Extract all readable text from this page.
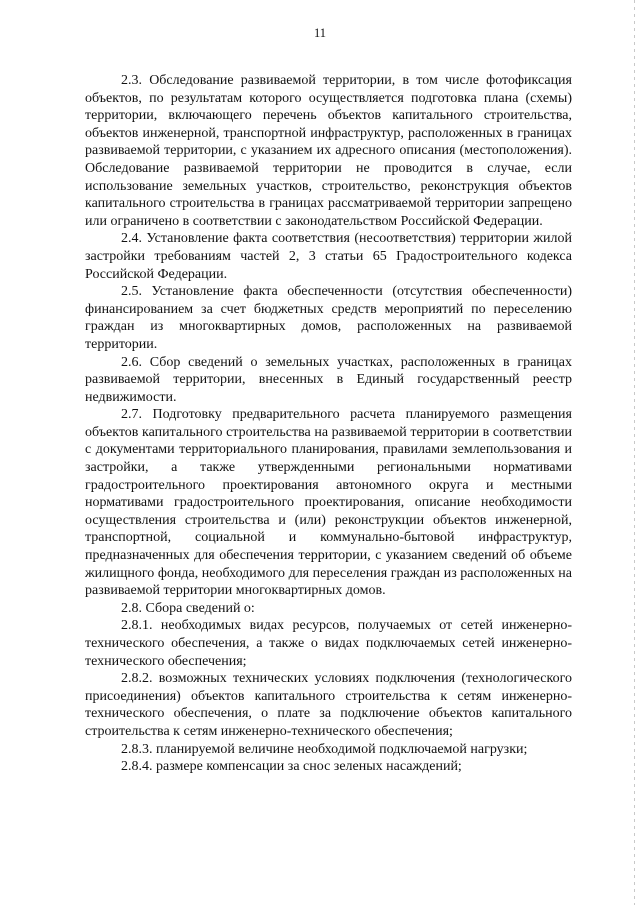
11

2.3. Обследование развиваемой территории, в том числе фотофиксация объектов, по результатам которого осуществляется подготовка плана (схемы) территории, включающего перечень объектов капитального строительства, объектов инженерной, транспортной инфраструктур, расположенных в границах развиваемой территории, с указанием их адресного описания (местоположения). Обследование развиваемой территории не проводится в случае, если использование земельных участков, строительство, реконструкция объектов капитального строительства в границах рассматриваемой территории запрещено или ограничено в соответствии с законодательством Российской Федерации.

2.4. Установление факта соответствия (несоответствия) территории жилой застройки требованиям частей 2, 3 статьи 65 Градостроительного кодекса Российской Федерации.

2.5. Установление факта обеспеченности (отсутствия обеспеченности) финансированием за счет бюджетных средств мероприятий по переселению граждан из многоквартирных домов, расположенных на развиваемой территории.

2.6. Сбор сведений о земельных участках, расположенных в границах развиваемой территории, внесенных в Единый государственный реестр недвижимости.

2.7. Подготовку предварительного расчета планируемого размещения объектов капитального строительства на развиваемой территории в соответствии с документами территориального планирования, правилами землепользования и застройки, а также утвержденными региональными нормативами градостроительного проектирования автономного округа и местными нормативами градостроительного проектирования, описание необходимости осуществления строительства и (или) реконструкции объектов инженерной, транспортной, социальной и коммунально-бытовой инфраструктур, предназначенных для обеспечения территории, с указанием сведений об объеме жилищного фонда, необходимого для переселения граждан из расположенных на развиваемой территории многоквартирных домов.

2.8. Сбора сведений о:

2.8.1. необходимых видах ресурсов, получаемых от сетей инженерно-технического обеспечения, а также о видах подключаемых сетей инженерно-технического обеспечения;

2.8.2. возможных технических условиях подключения (технологического присоединения) объектов капитального строительства к сетям инженерно-технического обеспечения, о плате за подключение объектов капитального строительства к сетям инженерно-технического обеспечения;

2.8.3. планируемой величине необходимой подключаемой нагрузки;

2.8.4. размере компенсации за снос зеленых насаждений;
